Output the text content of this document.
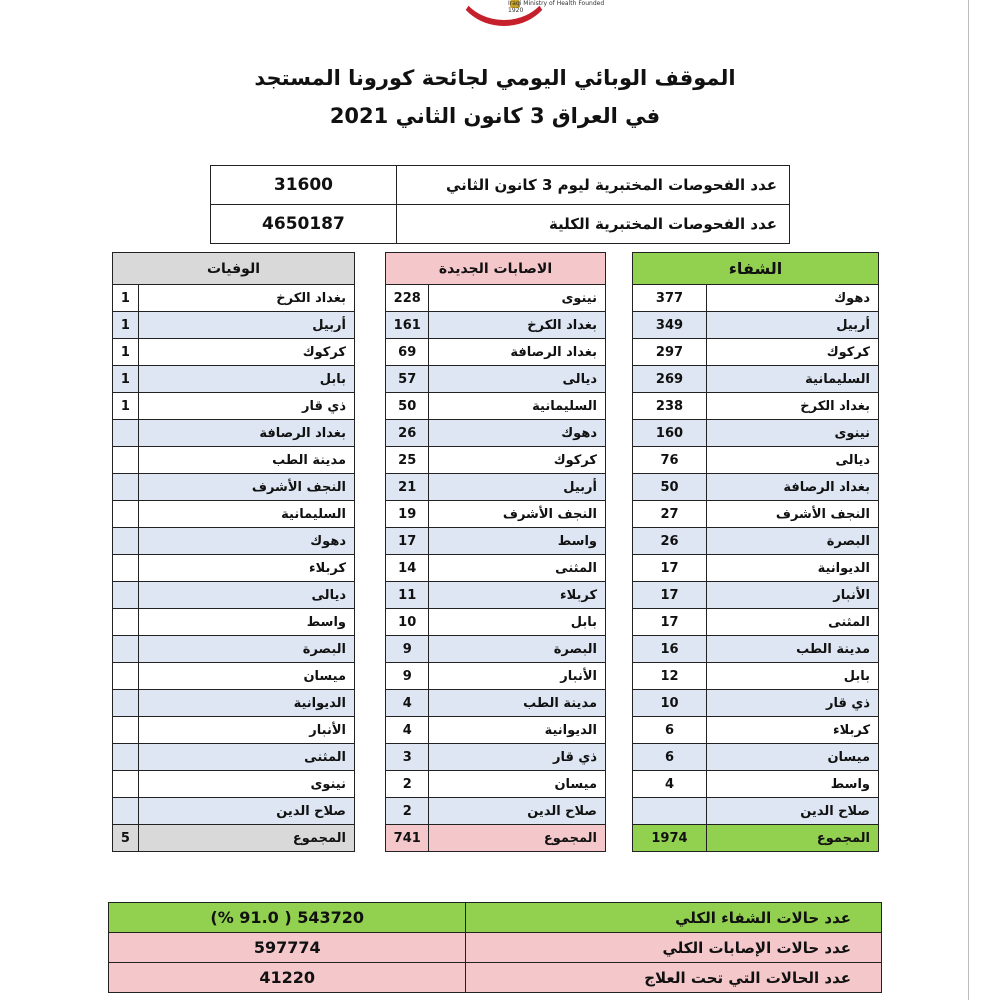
Iraqi Ministry of Health Founded 1920
الموقف الوبائي اليومي لجائحة كورونا المستجد
في العراق 3 كانون الثاني 2021
عدد الفحوصات المختبرية ليوم 3 كانون الثاني	31600
عدد الفحوصات المختبرية الكلية	4650187
الشفاء	
دهوك	377
أربيل	349
كركوك	297
السليمانية	269
بغداد الكرخ	238
نينوى	160
ديالى	76
بغداد الرصافة	50
النجف الأشرف	27
البصرة	26
الديوانية	17
الأنبار	17
المثنى	17
مدينة الطب	16
بابل	12
ذي قار	10
كربلاء	6
ميسان	6
واسط	4
صلاح الدين	
المجموع	1974
الاصابات الجديدة	
نينوى	228
بغداد الكرخ	161
بغداد الرصافة	69
ديالى	57
السليمانية	50
دهوك	26
كركوك	25
أربيل	21
النجف الأشرف	19
واسط	17
المثنى	14
كربلاء	11
بابل	10
البصرة	9
الأنبار	9
مدينة الطب	4
الديوانية	4
ذي قار	3
ميسان	2
صلاح الدين	2
المجموع	741
الوفيات	
بغداد الكرخ	1
أربيل	1
كركوك	1
بابل	1
ذي قار	1
بغداد الرصافة	
مدينة الطب	
النجف الأشرف	
السليمانية	
دهوك	
كربلاء	
ديالى	
واسط	
البصرة	
ميسان	
الديوانية	
الأنبار	
المثنى	
نينوى	
صلاح الدين	
المجموع	5
عدد حالات الشفاء الكلي	543720 ( 91.0 %)
عدد حالات الإصابات الكلي	597774
عدد الحالات التي تحت العلاج	41220
